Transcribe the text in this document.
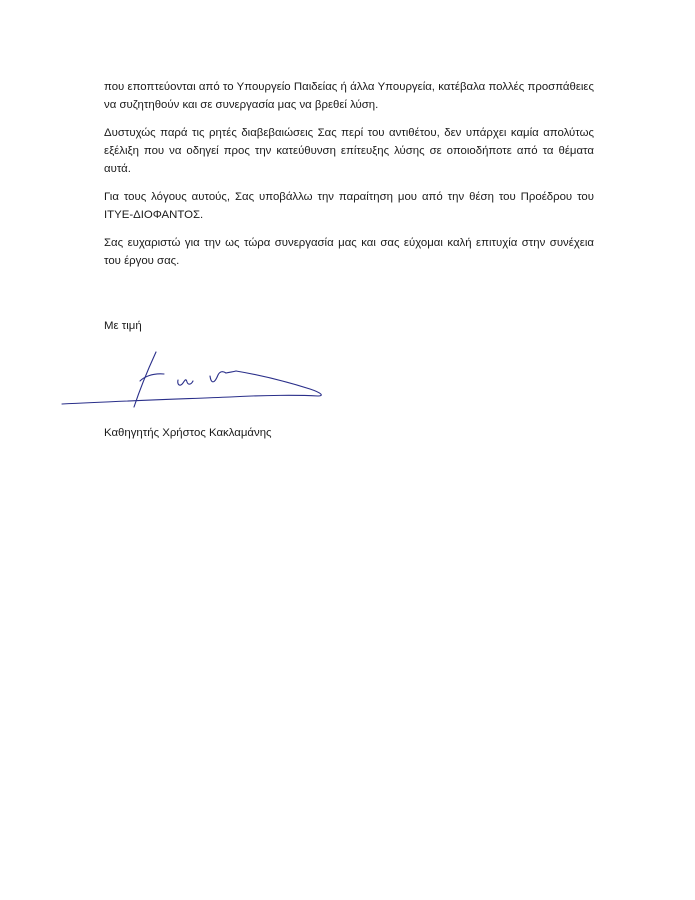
που εποπτεύονται από το Υπουργείο Παιδείας ή άλλα Υπουργεία, κατέβαλα πολλές προσπάθειες να συζητηθούν και σε συνεργασία μας να βρεθεί λύση.

Δυστυχώς παρά τις ρητές διαβεβαιώσεις Σας περί του αντιθέτου, δεν υπάρχει καμία απολύτως εξέλιξη που να οδηγεί προς την κατεύθυνση επίτευξης λύσης σε οποιοδήποτε από τα θέματα αυτά.

Για τους λόγους αυτούς, Σας υποβάλλω την παραίτηση μου από την θέση του Προέδρου του ΙΤΥΕ-ΔΙΟΦΑΝΤΟΣ.

Σας ευχαριστώ για την ως τώρα συνεργασία μας και σας εύχομαι καλή επιτυχία στην συνέχεια του έργου σας.

Με τιμή

Καθηγητής Χρήστος Κακλαμάνης
